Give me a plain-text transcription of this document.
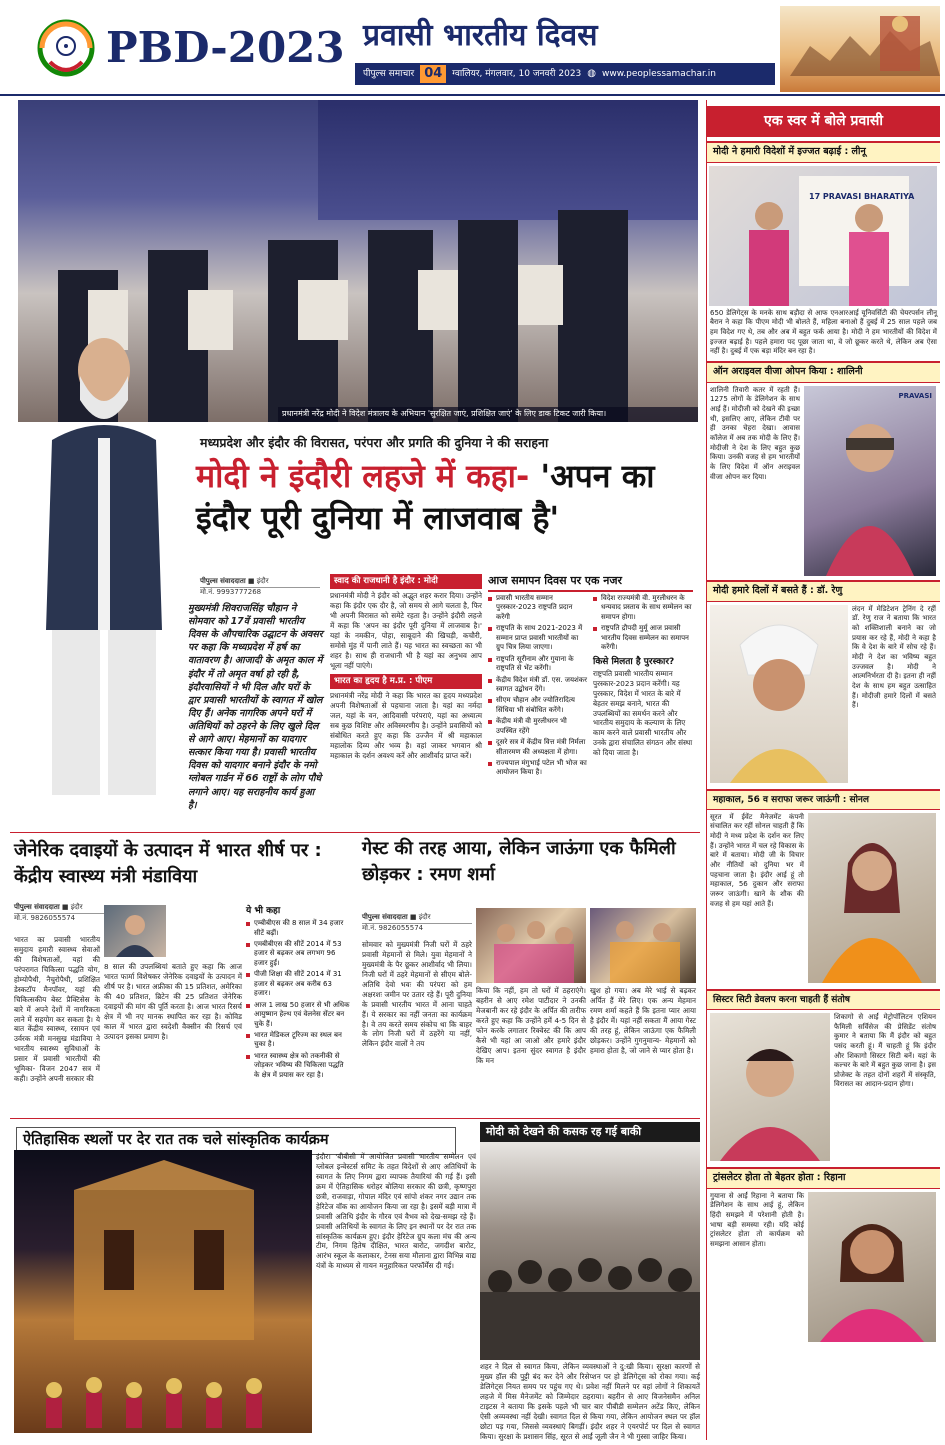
PBD-2023 प्रवासी भारतीय दिवस
पीपुल्स समाचार 04	ग्वालियर, मंगलवार, 10 जनवरी 2023 ◍ www.peoplessamachar.in
प्रधानमंत्री नरेंद्र मोदी ने विदेश मंत्रालय के अभियान 'सुरक्षित जाएं, प्रशिक्षित जाएं' के लिए डाक टिकट जारी किया।
मध्यप्रदेश और इंदौर की विरासत, परंपरा और प्रगति की दुनिया ने की सराहना
मोदी ने इंदौरी लहजे में कहा- 'अपन का इंदौर पूरी दुनिया में लाजवाब है'
पीपुल्स संवाददाता ■ इंदौर
मो.नं. 9993777268
मुख्यमंत्री शिवराजसिंह चौहान ने सोमवार को 17वें प्रवासी भारतीय दिवस के औपचारिक उद्घाटन के अवसर पर कहा कि मध्यप्रदेश में हर्ष का वातावरण है। आजादी के अमृत काल में इंदौर में तो अमृत वर्षा हो रही है, इंदौरवासियों ने भी दिल और घरों के द्वार प्रवासी भारतीयों के स्वागत में खोल दिए हैं। अनेक नागरिक अपने घरों में अतिथियों को ठहरने के लिए खुले दिल से आगे आए। मेहमानों का यादगार सत्कार किया गया है। प्रवासी भारतीय दिवस को यादगार बनाने इंदौर के नमो ग्लोबल गार्डन में 66 राष्ट्रों के लोग पौधे लगाने आए। यह सराहनीय कार्य हुआ है।
स्वाद की राजधानी है इंदौर : मोदी
प्रधानमंत्री मोदी ने इंदौर को अद्भुत शहर करार दिया। उन्होंने कहा कि इंदौर एक दौर है, जो समय से आगे चलता है, फिर भी अपनी विरासत को समेटे रहता है। उन्होंने इंदौरी लहजे में कहा कि 'अपन का इंदौर पूरी दुनिया में लाजवाब है।' यहां के नमकीन, पोहा, साबूदाने की खिचड़ी, कचौरी, समोसे मुंह में पानी लाते हैं। यह भारत का स्वच्छता का भी शहर है। साथ ही राजधानी भी है यहां का अनुभव आप भूला नहीं पाएंगे।
भारत का हृदय है म.प्र. : पीएम
प्रधानमंत्री नरेंद्र मोदी ने कहा कि भारत का हृदय मध्यप्रदेश अपनी विशेषताओं से पहचाना जाता है। यहां का नर्मदा जल, यहां के वन, आदिवासी परंपराएं, यहां का अध्यात्म सब कुछ विशिष्ट और अविस्मरणीय है। उन्होंने प्रवासियों को संबोधित करते हुए कहा कि उज्जैन में श्री महाकाल महालोक दिव्य और भव्य है। वहां जाकर भगवान श्री महाकाल के दर्शन अवश्य करें और आशीर्वाद प्राप्त करें।
आज समापन दिवस पर एक नजर
प्रवासी भारतीय सम्मान पुरस्कार-2023 राष्ट्रपति प्रदान करेंगी
राष्ट्रपति के साथ 2021-2023 में सम्मान प्राप्त प्रवासी भारतीयों का ग्रुप चित्र लिया जाएगा।
राष्ट्रपति सूरीनाम और गुयाना के राष्ट्रपति से भेंट करेंगी।
केंद्रीय विदेश मंत्री डॉ. एस. जयशंकर स्वागत उद्बोधन देंगे।
सीएम चौहान और ज्योतिरादित्य सिंधिया भी संबोधित करेंगे।
केंद्रीय मंत्री वी मुरलीधरन भी उपस्थित रहेंगे
दूसरे सत्र में केंद्रीय वित्त मंत्री निर्मला सीतारमण की अध्यक्षता में होगा।
राज्यपाल मंगुभाई पटेल भी भोज का आयोजन किया है।
विदेश राज्यमंत्री वी. मुरलीधरन के धन्यवाद प्रस्ताव के साथ सम्मेलन का समापन होगा।
राष्ट्रपति द्रौपदी मुर्मू आज प्रवासी भारतीय दिवस सम्मेलन का समापन करेंगी।
किसे मिलता है पुरस्कार?
राष्ट्रपति प्रवासी भारतीय सम्मान पुरस्कार-2023 प्रदान करेंगी। यह पुरस्कार, विदेश में भारत के बारे में बेहतर समझ बनाने, भारत की उपलब्धियों का समर्थन करने और भारतीय समुदाय के कल्याण के लिए काम करने वाले प्रवासी भारतीय और उनके द्वारा संचालित संगठन और संस्था को दिया जाता है।
जेनेरिक दवाइयों के उत्पादन में भारत शीर्ष पर : केंद्रीय स्वास्थ्य मंत्री मंडाविया
पीपुल्स संवाददाता ■ इंदौर
मो.नं. 9826055574
भारत का प्रवासी भारतीय समुदाय हमारी स्वास्थ्य सेवाओं की विशेषताओं, यहां की परंपरागत चिकित्सा पद्धति योग, होम्योपैथी, नैचुरोपैथी, प्रशिक्षित डेस्कटॉप मैनपॉवर, यहां की चिकित्सकीय बेस्ट प्रैक्टिसेस के बारे में अपने देशों में नागरिकता लाने में सहयोग कर सकता है। ये बात केंद्रीय स्वास्थ्य, रसायन एवं उर्वरक मंत्री मनसुख मंडाविया ने भारतीय स्वास्थ्य सुविधाओं के प्रसार में प्रवासी भारतीयों की भूमिका- विजन 2047 सत्र में कही। उन्होंने अपनी सरकार की
8 साल की उपलब्धियां बताते हुए कहा कि आज भारत फार्मा विशेषकर जेनेरिक दवाइयों के उत्पादन में शीर्ष पर है। भारत अफ्रीका की 15 प्रतिशत, अमेरिका की 40 प्रतिशत, ब्रिटेन की 25 प्रतिशत जेनेरिक दवाइयों की मांग की पूर्ति करता है। आज भारत रिसर्च क्षेत्र में भी नए मानक स्थापित कर रहा है। कोविड काल में भारत द्वारा स्वदेशी वैक्सीन की रिसर्च एवं उत्पादन इसका प्रमाण है।
ये भी कहा
एम्बीबीएस की 8 साल में 34 हजार सीटें बढ़ीं।
एमबीबीएस की सीटें 2014 में 53 हजार से बढ़कर अब लगभग 96 हजार हुईं।
पीजी शिक्षा की सीटें 2014 में 31 हजार से बढ़कर अब करीब 63 हजार।
आज 1 लाख 50 हजार से भी अधिक आयुष्मान हेल्थ एवं वेलनेस सेंटर बन चुके हैं।
भारत मेडिकल टूरिज्म का स्थल बन चुका है।
भारत स्वास्थ्य क्षेत्र को तकनीकी से जोड़कर भविष्य की चिकित्सा पद्धति के क्षेत्र में प्रयास कर रहा है।
गेस्ट की तरह आया, लेकिन जाऊंगा एक फैमिली छोड़कर : रमण शर्मा
पीपुल्स संवाददाता ■ इंदौर
मो.नं. 9826055574
सोमवार को मुख्यमंत्री निजी घरों में ठहरे प्रवासी मेहमानों से मिले। युवा मेहमानों ने मुख्यमंत्री के पैर छूकर आशीर्वाद भी लिया। निजी घरों में ठहरे मेहमानों से सीएम बोले- अतिथि देवो भवः की परंपरा को हम अक्षरशः जमीन पर उतार रहे हैं। पूरी दुनिया के प्रवासी भारतीय भारत में आना चाहते हैं। ये सरकार का नहीं जनता का कार्यक्रम है। वे तय करते समय संकोच था कि बाहर के लोग निजी घरों में ठहरेंगे या नहीं, लेकिन इंदौर वालों ने तय
किया कि नहीं, हम तो घरों में ठहराएंगे। बहरीन से आए रमेश पाटीदार ने उनकी मेजबानी कर रहे इंदौर के अर्पित की तारीफ करते हुए कहा कि उन्होंने हमें 4-5 दिन से फोन करके लगातार रिक्वेस्ट की कि आप कैसे भी यहां आ जाओ और हमारे इंदौर देखिए आप। इतना सुंदर स्वागत है इंदौर कि मन
खुश हो गया। अब मेरे भाई से बढ़कर अर्पित हैं मेरे लिए। एक अन्य मेहमान रमण शर्मा कहते हैं कि इतना प्यार आया है इंदौर में। यहां नहीं सकता मैं आया गेस्ट की तरह हूं, लेकिन जाऊंगा एक फैमिली छोड़कर। उन्होंने गुगनुमान्य- मेहमानों को हमारा होता है, जो जाने से प्यार होता है।
ऐतिहासिक स्थलों पर देर रात तक चले सांस्कृतिक कार्यक्रम
इंदौर। 'बीबीसी में आयोजित प्रवासी भारतीय सम्मेलन एवं ग्लोबल इन्वेस्टर्स समिट के तहत विदेशों से आए अतिथियों के स्वागत के लिए निगम द्वारा व्यापक तैयारियां की गई हैं। इसी क्रम में ऐतिहासिक धरोहर बोलिया सरकार की छत्री, कृष्णपुरा छत्री, राजवाड़ा, गोपाल मंदिर एवं सांपो शंकर नगर उद्यान तक हेरिटेज वॉक का आयोजन किया जा रहा है। इसमें बड़ी मात्रा में प्रवासी अतिथि इंदौर के गौरव एवं वैभव को देख-समझ रहे हैं। प्रवासी अतिथियों के स्वागत के लिए इन स्थानों पर देर रात तक सांस्कृतिक कार्यक्रम हुए। इंदौर हेरिटेज ग्रुप कला मंच की अन्य टीम, निगम हितेष दीक्षित, भारत बारोट, जगदीश बारोट, आरंभ स्कूल के कलाकार, टेनस सया मौलाना द्वारा विभिन्न वाद्य यंत्रों के माध्यम से गायन मनुहारिकत परफॉर्मेंस दी गई।
मोदी को देखने की कसक रह गई बाकी
शहर ने दिल से स्वागत किया, लेकिन व्यवस्थाओं ने दु:खी किया। सुरक्षा कारणों से मुख्य हॉल की पुट्टी बंद कर देने और रिसेप्शन पर हो डेलिगेट्स को रोका गया। कई डेलिगेट्स नियत समय पर पहुंच गए थे। प्रवेश नहीं मिलने पर वहां लोगों ने शिकायतें लहजे में मिस मैनेजमेंट को जिम्मेदार ठहराया। बहरीन से आए विजनेसमैन अनिल टाइटस ने बताया कि इसके पहले भी चार बार पीबीडी सम्मेलन अटेंड किए, लेकिन ऐसी अव्यवस्था नहीं देखी। स्वागत दिल से किया गया, लेकिन आयोजन स्थल पर हॉल छोटा पड़ गया, जिससे व्यवस्थाएं बिगड़ीं। इंदौर शहर ने एयरपोर्ट पर दिल से स्वागत किया। सुरक्षा के प्रशासन सिंह, सूरत से आईं जूली जैन ने भी गुस्सा जाहिर किया।
एक स्वर में बोले प्रवासी
मोदी ने हमारी विदेशों में इज्जत बढ़ाई : लीनू
17 PRAVASI BHARATIYA
650 डेलिगेट्स के मनके साथ बड़ौदा से आफ एनआरआई यूनिवर्सिटी की चेयरपर्सन लीनू बैरान ने कहा कि पीएम मोदी भी बोलते हैं, महिला बनाओ हैं दुबई में 25 साल पहले जब हम विदेश गए थे, तब और अब में बहुत फर्क आया है। मोदी ने हम भारतीयों की विदेश में इज्जत बढ़ाई है। पहले हमारा पद पूछा जाता था, वे जो छूकर करते थे, लेकिन अब ऐसा नहीं है। दुबई में एक बड़ा मंदिर बन रहा है।
ऑन अराइवल वीजा ओपन किया : शालिनी
शालिनी तिवारी कतर में रहती हैं। 1275 लोगों के डेलिगेशन के साथ आई हैं। मोदीजी को देखने की इच्छा थी, इसलिए आए, लेकिन टीवी पर ही उनका चेहरा देखा। आवास कॉलेज में अब तक मोदी के लिए हैं। मोदीजी ने देश के लिए बहुत कुछ किया। उनकी वजह से हम भारतीयों के लिए विदेश में ऑन अराइवल वीजा ओपन कर दिया।
PRAVASI
मोदी हमारे दिलों में बसते हैं : डॉ. रेणु
लंदन में मेडिटेशन ट्रेनिंग दे रहीं डॉ. रेणु राज ने बताया कि भारत को शक्तिशाली बनाने का जो प्रयास कर रहे हैं, मोदी ने कहा है कि वे देश के बारे में सोच रहे हैं। मोदी ने देश का भविष्य बहुत उज्जवल है। मोदी ने आत्मनिर्भरता दी है। इतना ही नहीं देश के साथ हम बहुत उत्साहित हैं। मोदीजी हमारे दिलों में बसते हैं।
महाकाल, 56 व सराफा जरूर जाऊंगी : सोनल
सूरत में ईवेंट मैनेजमेंट कंपनी संचालित कर रहीं सोनल चाहती हैं कि मोदी ने मध्य प्रदेश के दर्शन कर लिए हैं। उन्होंने भारत में चल रहे विकास के बारे में बताया। मोदी जी के विचार और नीतियों को दुनिया भर में पहचाना जाता है। इंदौर आई हूं तो महाकाल, 56 दुकान और सराफा जरूर जाऊंगी। खाने के शौक की वजह से हम यहां आते हैं।
सिस्टर सिटी डेवलप करना चाहती हैं संतोष
शिकागो से आईं मेट्रोपॉलिटन एशियन फैमिली सर्विसेज की प्रेसिडेंट संतोष कुमार ने बताया कि मैं इंदौर को बहुत पसंद करती हूं। मैं चाहती हूं कि इंदौर और शिकागो सिस्टर सिटी बनें। यहां के कल्चर के बारे में बहुत कुछ जाना है। इस प्रोजेक्ट के तहत दोनों शहरों में संस्कृति, विरासत का आदान-प्रदान होगा।
ट्रांसलेटर होता तो बेहतर होता : रिहाना
गुयाना से आईं रिहाना ने बताया कि डेलिगेशन के साथ आई हूं, लेकिन हिंदी समझने में परेशानी होती है। भाषा बड़ी समस्या रही। यदि कोई ट्रांसलेटर होता तो कार्यक्रम को समझना आसान होता।
